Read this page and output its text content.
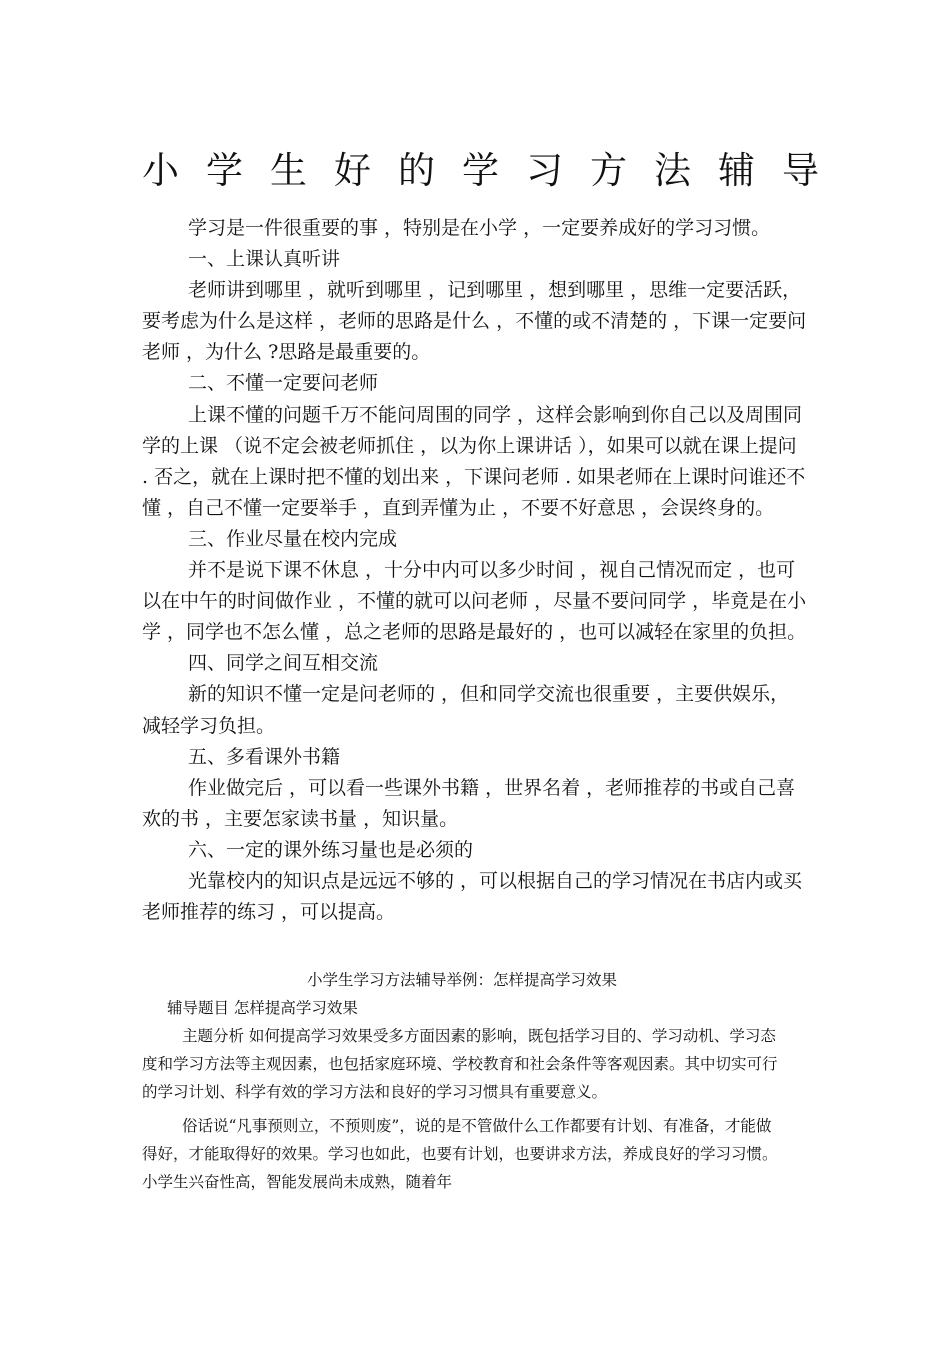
小学生好的学习方法辅导

学习是一件很重要的事 ，特别是在小学 ，一定要养成好的学习习惯。

一、上课认真听讲

老师讲到哪里 ，就听到哪里 ，记到哪里 ，想到哪里 ，思维一定要活跃，要考虑为什么是这样 ，老师的思路是什么 ，不懂的或不清楚的 ，下课一定要问老师 ，为什么 ?思路是最重要的。

二、不懂一定要问老师

上课不懂的问题千万不能问周围的同学 ，这样会影响到你自己以及周围同学的上课 （说不定会被老师抓住 ，以为你上课讲话 ），如果可以就在课上提问 . 否之，就在上课时把不懂的划出来 ，下课问老师 . 如果老师在上课时问谁还不懂 ，自己不懂一定要举手 ，直到弄懂为止 ，不要不好意思 ，会误终身的。

三、作业尽量在校内完成

并不是说下课不休息 ，十分中内可以多少时间 ，视自己情况而定 ，也可以在中午的时间做作业 ，不懂的就可以问老师 ，尽量不要问同学 ，毕竟是在小学 ，同学也不怎么懂 ，总之老师的思路是最好的 ，也可以减轻在家里的负担。

四、同学之间互相交流

新的知识不懂一定是问老师的 ，但和同学交流也很重要 ，主要供娱乐，减轻学习负担。

五、多看课外书籍

作业做完后 ，可以看一些课外书籍 ，世界名着 ，老师推荐的书或自己喜欢的书 ，主要怎家读书量 ，知识量。

六、一定的课外练习量也是必须的

光靠校内的知识点是远远不够的 ，可以根据自己的学习情况在书店内或买老师推荐的练习 ，可以提高。

小学生学习方法辅导举例：怎样提高学习效果

辅导题目 怎样提高学习效果

主题分析 如何提高学习效果受多方面因素的影响，既包括学习目的、学习动机、学习态度和学习方法等主观因素，也包括家庭环境、学校教育和社会条件等客观因素。其中切实可行的学习计划、科学有效的学习方法和良好的学习习惯具有重要意义。

俗话说“凡事预则立，不预则废”，说的是不管做什么工作都要有计划、有准备，才能做得好，才能取得好的效果。学习也如此，也要有计划，也要讲求方法，养成良好的学习习惯。小学生兴奋性高，智能发展尚未成熟，随着年
